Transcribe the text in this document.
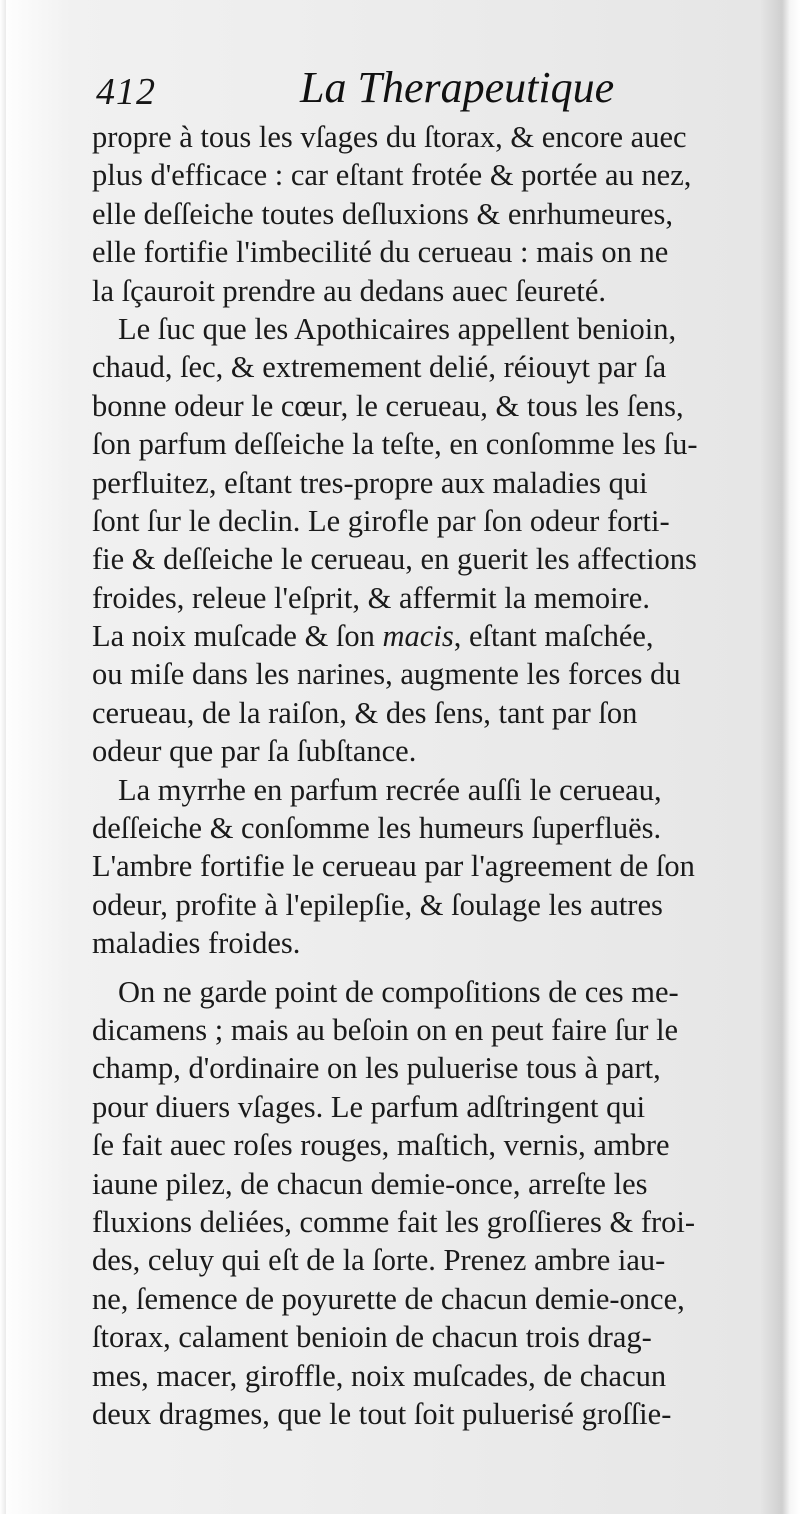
412	La Therapeutique
propre à tous les vſages du ſtorax, & encore auec
plus d'efficace : car eſtant frotée & portée au nez,
elle deſſeiche toutes deſluxions & enrhumeures,
elle fortifie l'imbecilité du cerueau : mais on ne
la ſçauroit prendre au dedans auec ſeureté.
Le ſuc que les Apothicaires appellent benioin,
chaud, ſec, & extremement delié, réiouyt par ſa
bonne odeur le cœur, le cerueau, & tous les ſens,
ſon parfum deſſeiche la teſte, en conſomme les ſu-
perfluitez, eſtant tres-propre aux maladies qui
ſont ſur le declin. Le girofle par ſon odeur forti-
fie & deſſeiche le cerueau, en guerit les affections
froides, releue l'eſprit, & affermit la memoire.
La noix muſcade & ſon macis, eſtant maſchée,
ou miſe dans les narines, augmente les forces du
cerueau, de la raiſon, & des ſens, tant par ſon
odeur que par ſa ſubſtance.
La myrrhe en parfum recrée auſſi le cerueau,
deſſeiche & conſomme les humeurs ſuperfluës.
L'ambre fortifie le cerueau par l'agreement de ſon
odeur, profite à l'epilepſie, & ſoulage les autres
maladies froides.
On ne garde point de compoſitions de ces me-
dicamens ; mais au beſoin on en peut faire ſur le
champ, d'ordinaire on les puluerise tous à part,
pour diuers vſages. Le parfum adſtringent qui
ſe fait auec roſes rouges, maſtich, vernis, ambre
iaune pilez, de chacun demie-once, arreſte les
fluxions deliées, comme fait les groſſieres & froi-
des, celuy qui eſt de la ſorte. Prenez ambre iau-
ne, ſemence de poyurette de chacun demie-once,
ſtorax, calament benioin de chacun trois drag-
mes, macer, giroffle, noix muſcades, de chacun
deux dragmes, que le tout ſoit puluerisé groſſie-
